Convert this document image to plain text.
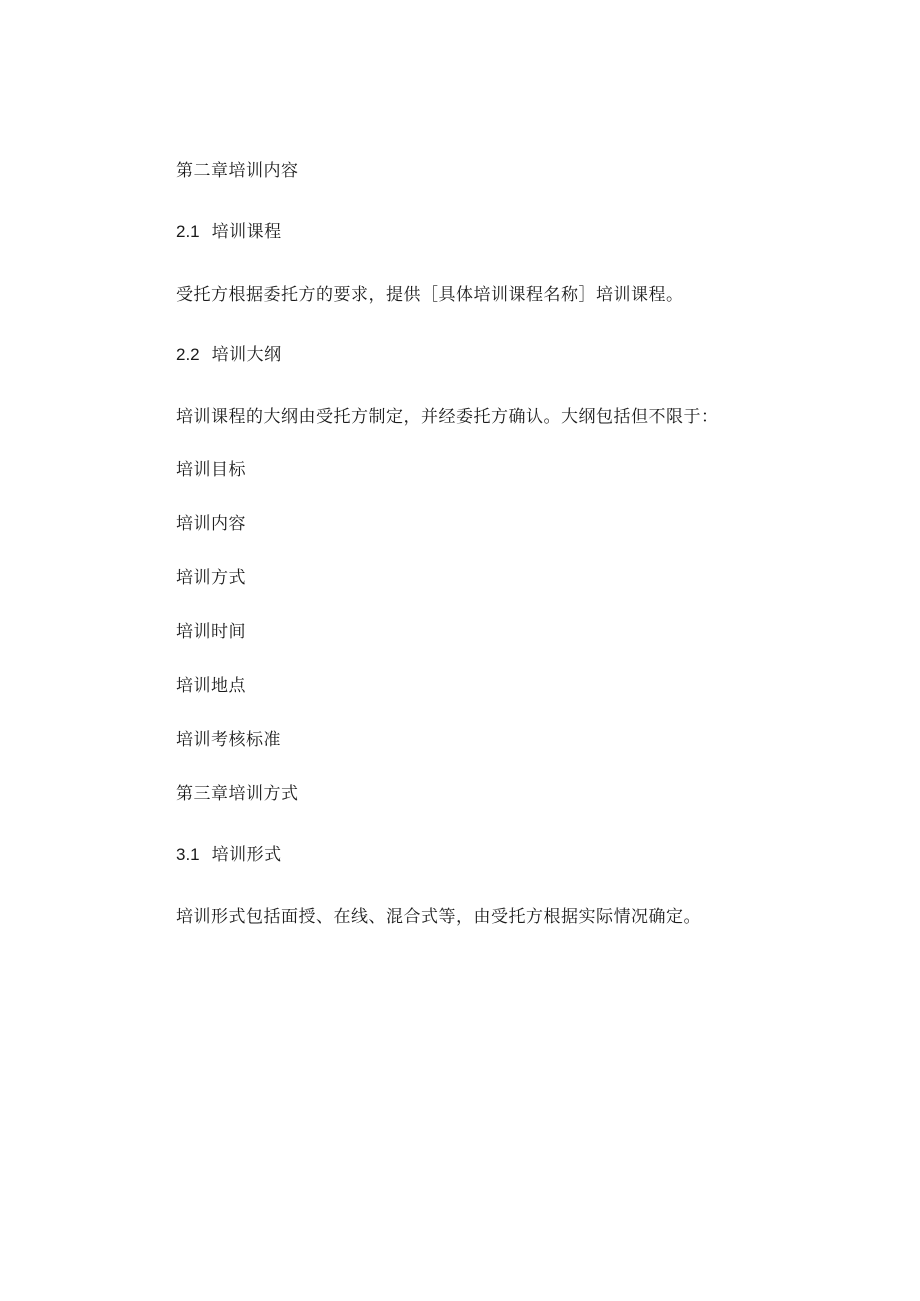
第二章培训内容
2.1 培训课程
受托方根据委托方的要求，提供［具体培训课程名称］培训课程。
2.2 培训大纲
培训课程的大纲由受托方制定，并经委托方确认。大纲包括但不限于：
培训目标
培训内容
培训方式
培训时间
培训地点
培训考核标准
第三章培训方式
3.1 培训形式
培训形式包括面授、在线、混合式等，由受托方根据实际情况确定。
